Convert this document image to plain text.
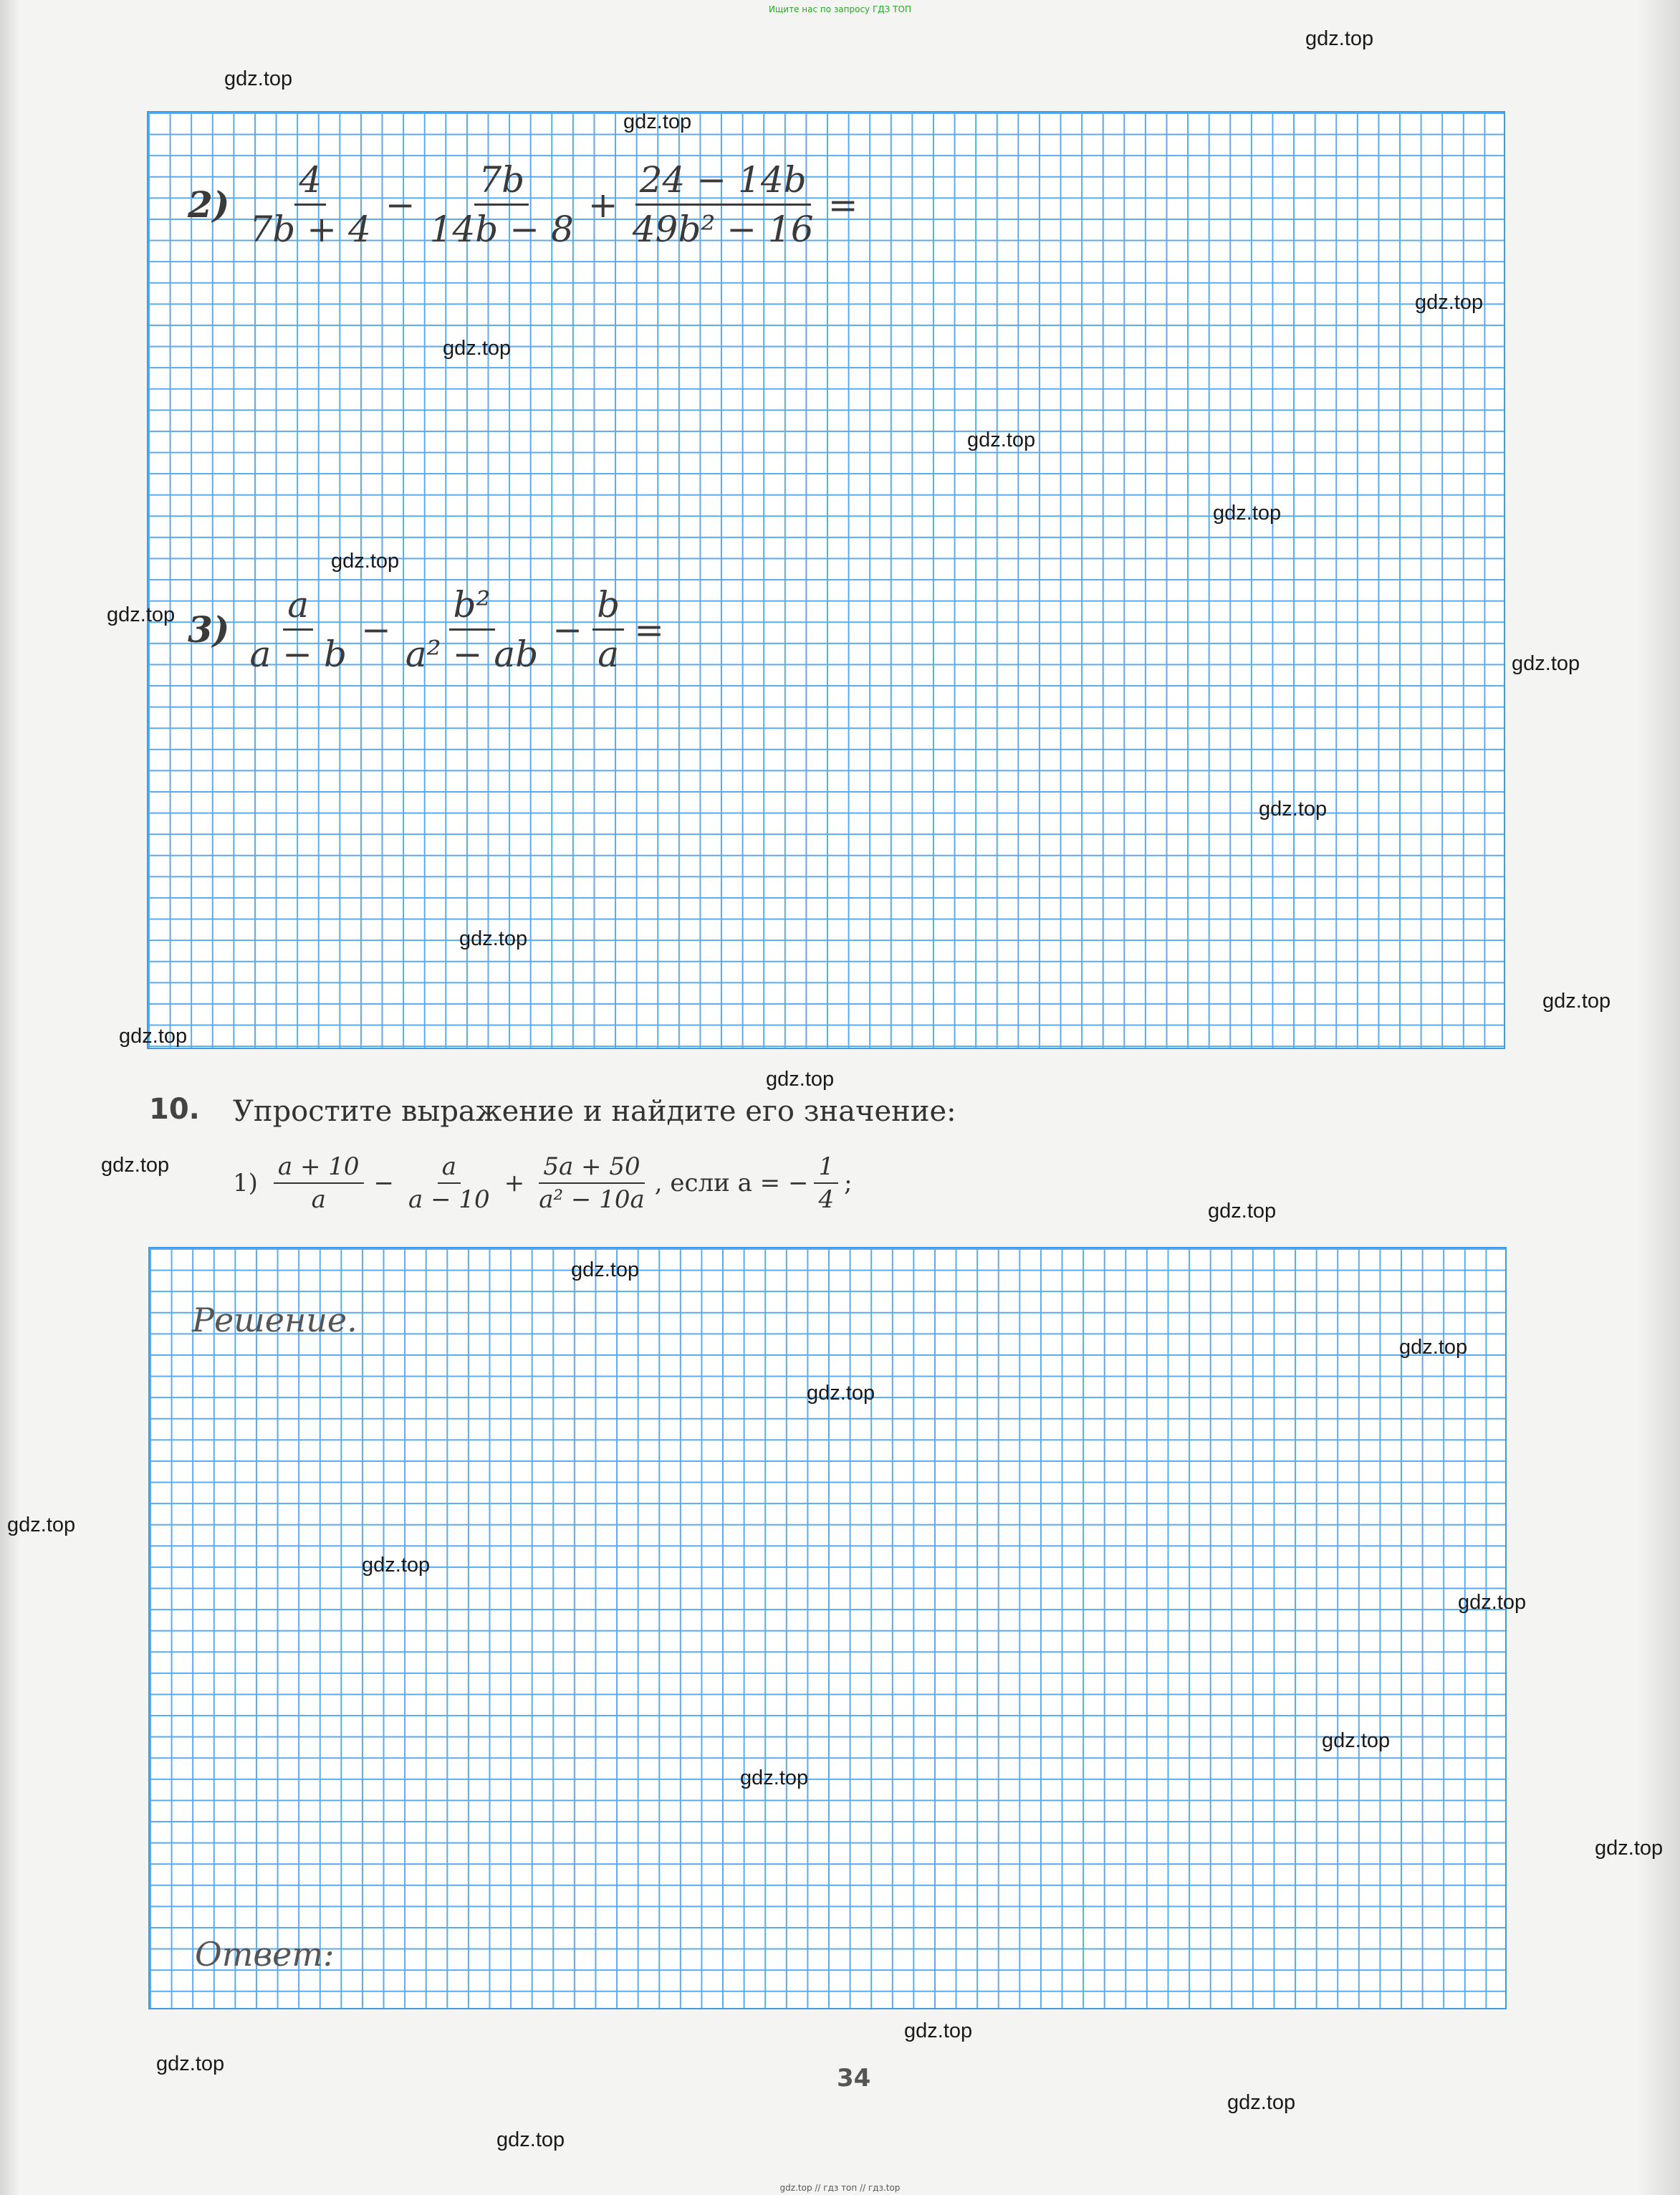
Ищите нас по запросу ГДЗ ТОП
$2) \frac{4}{7b + 4} - \frac{7b}{14b - 8} + \frac{24 - 14b}{\text{49b² − 16}}$ =
$3) \frac{a}{a - b} - \frac{\text{b²}}{\text{a² − ab}} - \frac{b}{a}$ =
10. Упростите выражение и найдите его значение:
$1) \frac{a + 10}{a} - \frac{a}{a - 10} + \frac{5a + 50}{\text{a² − 10a}}$ , если a = − $\frac{1}{4}$ ;
Решение.
Ответ:
34
gdz.top
gdz.top
gdz.top
gdz.top
gdz.top
gdz.top
gdz.top
gdz.top
gdz.top
gdz.top
gdz.top
gdz.top
gdz.top
gdz.top
gdz.top
gdz.top
gdz.top
gdz.top
gdz.top
gdz.top
gdz.top
gdz.top
gdz.top
gdz.top
gdz.top
gdz.top
gdz.top
gdz.top
gdz.top
gdz.top
gdz.top // гдз топ // гдз.top
